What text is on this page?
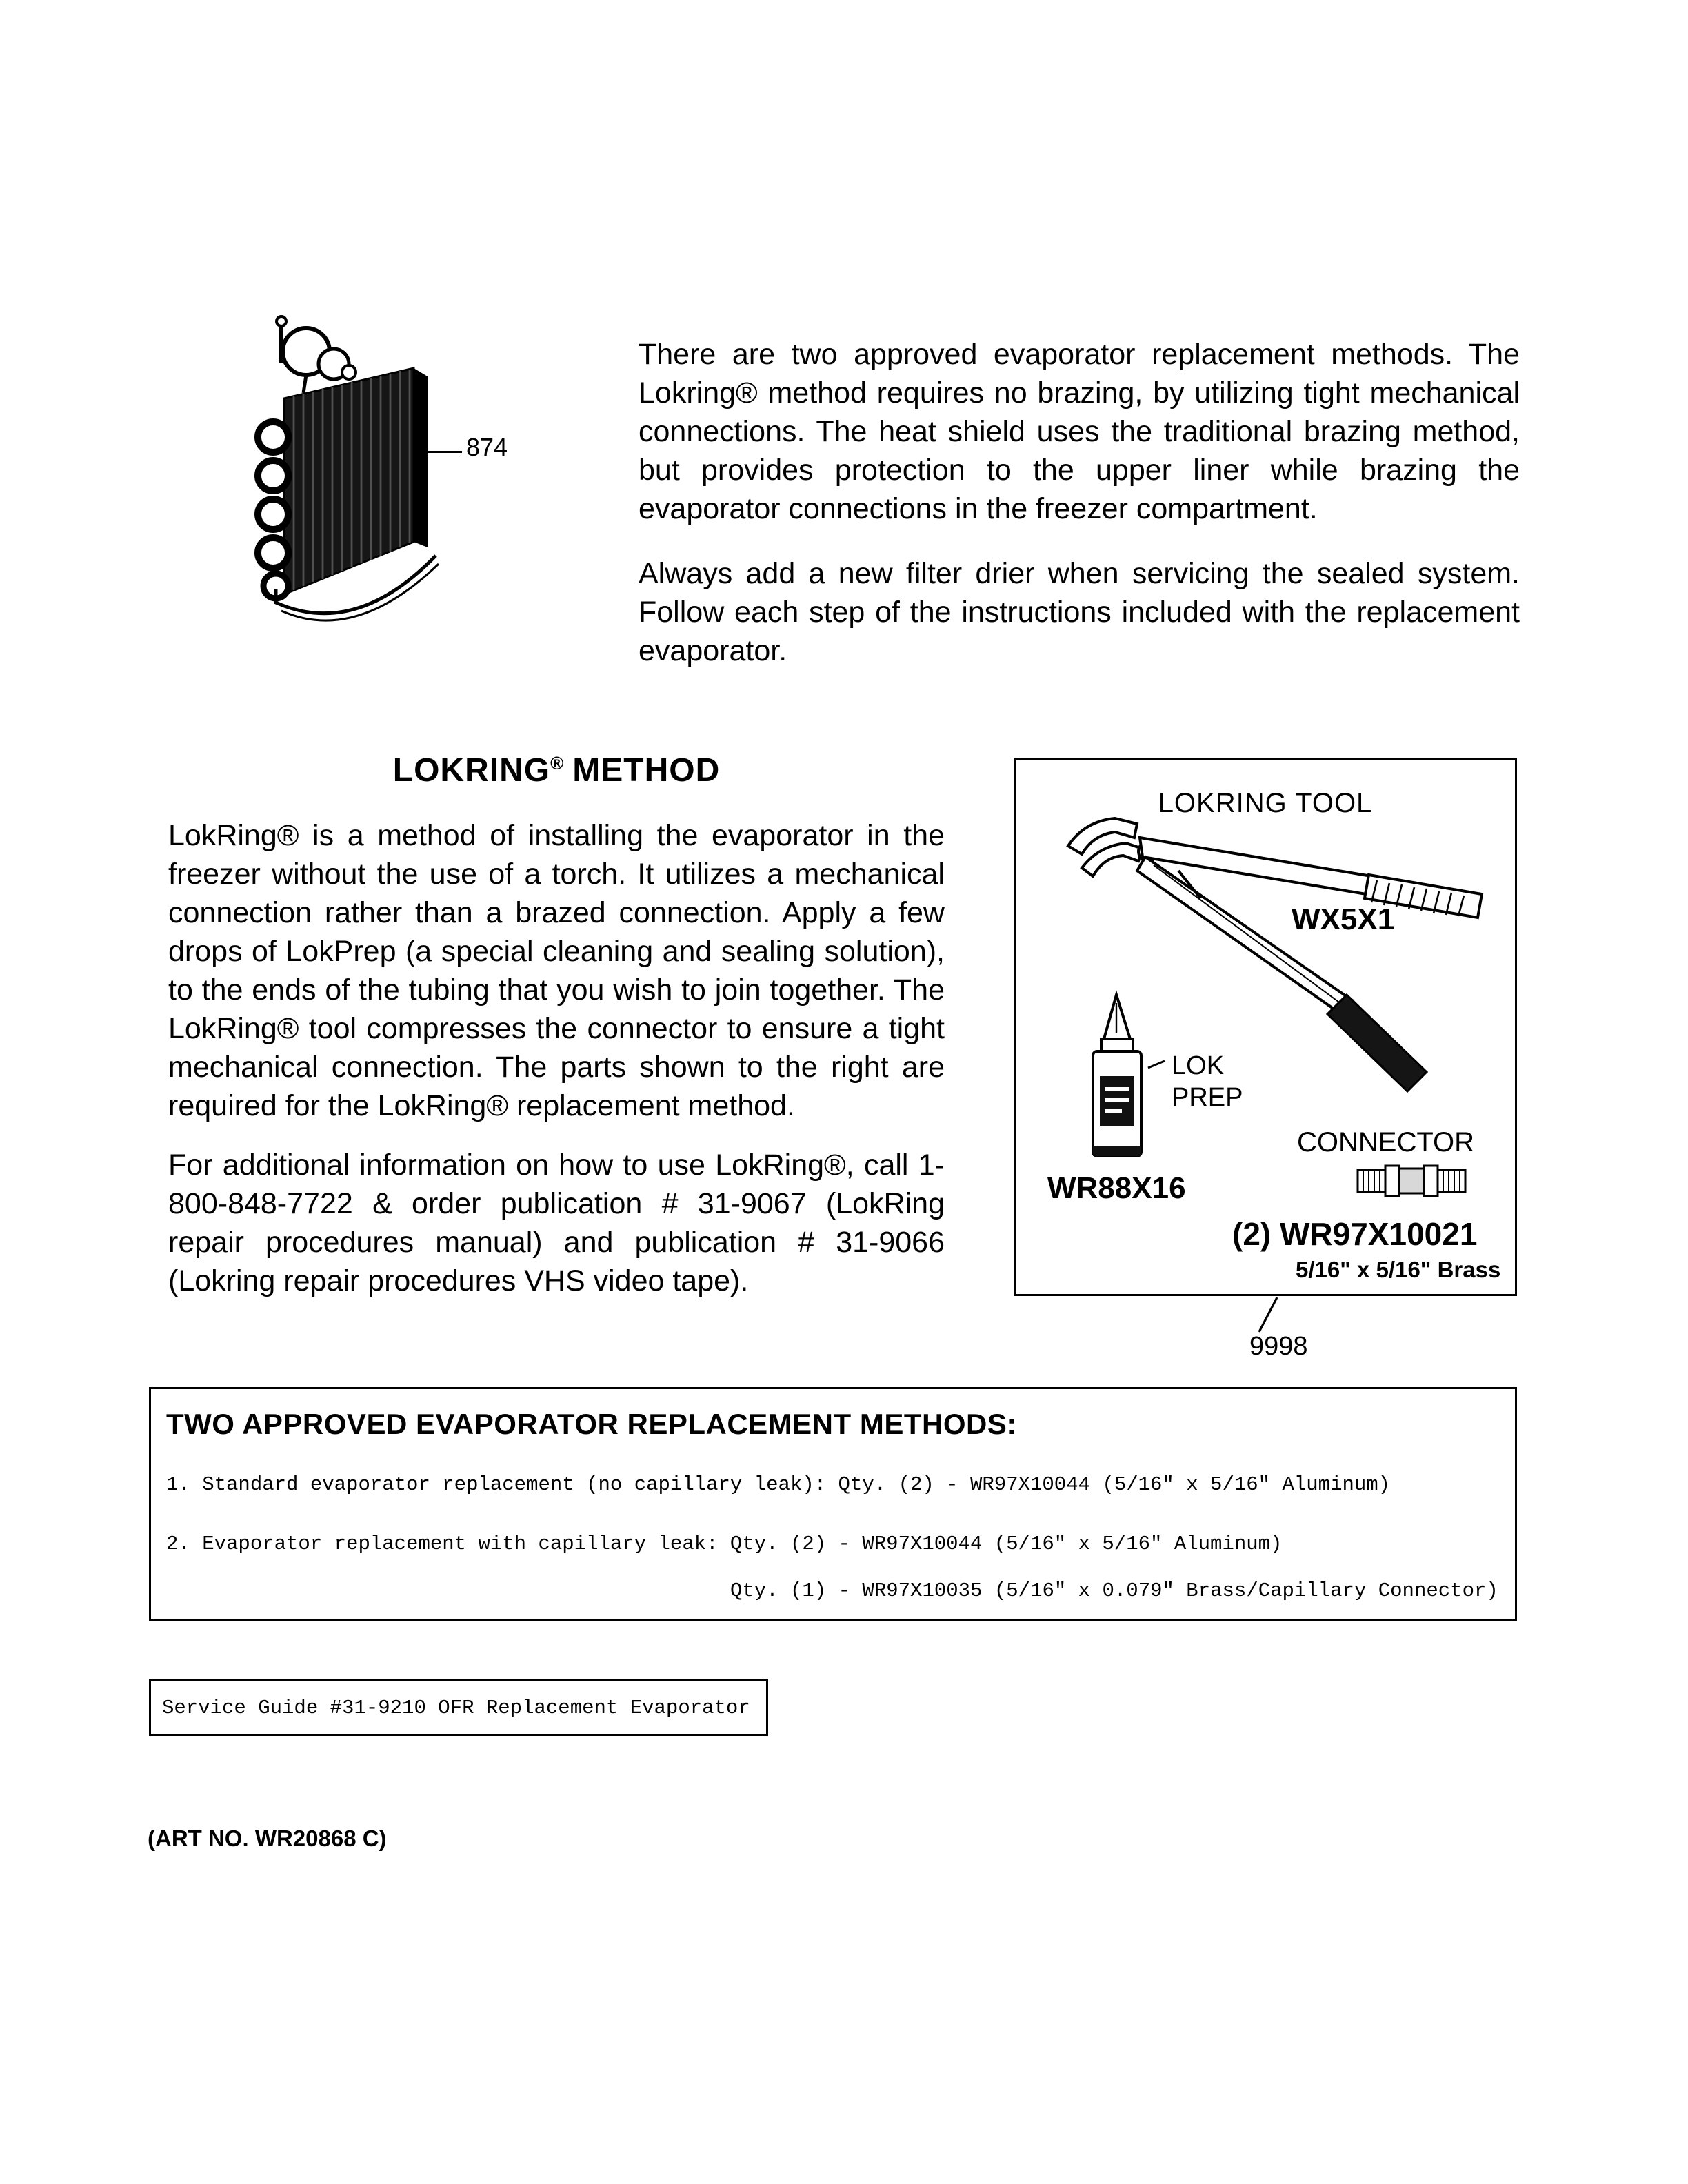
874

There are two approved evaporator replacement methods. The Lokring® method requires no brazing, by utilizing tight mechanical connections. The heat shield uses the traditional brazing method, but provides protection to the upper liner while brazing the evaporator connections in the freezer compartment.

Always add a new filter drier when servicing the sealed system. Follow each step of the instructions included with the replacement evaporator.

LOKRING® METHOD

LokRing® is a method of installing the evaporator in the freezer without the use of a torch. It utilizes a mechanical connection rather than a brazed connection. Apply a few drops of LokPrep (a special cleaning and sealing solution), to the ends of the tubing that you wish to join together. The LokRing® tool compresses the connector to ensure a tight mechanical connection. The parts shown to the right are required for the LokRing® replacement method.

For additional information on how to use LokRing®, call 1-800-848-7722 & order publication # 31-9067 (LokRing repair procedures manual) and publication # 31-9066 (Lokring repair procedures VHS video tape).

LOKRING TOOL
WX5X1
LOK
PREP
CONNECTOR
WR88X16
(2) WR97X10021
5/16" x 5/16" Brass
9998
TWO APPROVED EVAPORATOR REPLACEMENT METHODS:
1. Standard evaporator replacement (no capillary leak): Qty. (2) - WR97X10044 (5/16" x 5/16" Aluminum)
2. Evaporator replacement with capillary leak: Qty. (2) - WR97X10044 (5/16" x 5/16" Aluminum)
Qty. (1) - WR97X10035 (5/16" x 0.079" Brass/Capillary Connector)
Service Guide #31-9210 OFR Replacement Evaporator
(ART NO. WR20868 C)
